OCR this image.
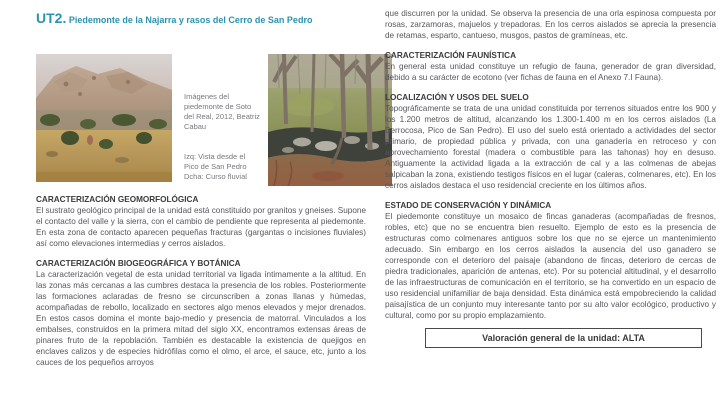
UT2. Piedemonte de la Najarra y rasos del Cerro de San Pedro
Imágenes del piedemonte de Soto del Real, 2012, Beatriz Cabau
Izq: Vista desde el Pico de San Pedro
Dcha: Curso fluvial
CARACTERIZACIÓN GEOMORFOLÓGICA
El sustrato geológico principal de la unidad está constituido por granitos y gneises. Supone el contacto del valle y la sierra, con el cambio de pendiente que representa al piedemonte. En esta zona de contacto aparecen pequeñas fracturas (gargantas o incisiones fluviales) así como elevaciones intermedias y cerros aislados.
CARACTERIZACIÓN BIOGEOGRÁFICA Y BOTÁNICA
La caracterización vegetal de esta unidad territorial va ligada íntimamente a la altitud. En las zonas más cercanas a las cumbres destaca la presencia de los robles. Posteriormente las formaciones aclaradas de fresno se circunscriben a zonas llanas y húmedas, acompañadas de rebollo, localizado en sectores algo menos elevados y mejor drenados. En estos casos domina el monte bajo-medio y presencia de matorral. Vinculados a los embalses, construidos en la primera mitad del siglo XX, encontramos extensas áreas de pinares fruto de la repoblación. También es destacable la existencia de quejigos en enclaves calizos y de especies hidrófilas como el olmo, el arce, el sauce, etc, junto a los cauces de los pequeños arroyos
que discurren por la unidad. Se observa la presencia de una orla espinosa compuesta por rosas, zarzamoras, majuelos y trepadoras. En los cerros aislados se aprecia la presencia de retamas, esparto, cantueso, musgos, pastos de gramíneas, etc.
CARACTERIZACIÓN FAUNÍSTICA
En general esta unidad constituye un refugio de fauna, generador de gran diversidad, debido a su carácter de ecotono (ver fichas de fauna en el Anexo 7.I Fauna).
LOCALIZACIÓN Y USOS DEL SUELO
Topográficamente se trata de una unidad constituida por terrenos situados entre los 900 y los 1.200 metros de altitud, alcanzando los 1.300-1.400 m en los cerros aislados (La Berrocosa, Pico de San Pedro). El uso del suelo está orientado a actividades del sector primario, de propiedad pública y privada, con una ganadería en retroceso y con aprovechamiento forestal (madera o combustible para las tahonas) hoy en desuso. Antiguamente la actividad ligada a la extracción de cal y a las colmenas de abejas salpicaban la zona, existiendo testigos físicos en el lugar (caleras, colmenares, etc). En los cerros aislados destaca el uso residencial creciente en los últimos años.
ESTADO DE CONSERVACIÓN Y DINÁMICA
El piedemonte constituye un mosaico de fincas ganaderas (acompañadas de fresnos, robles, etc) que no se encuentra bien resuelto. Ejemplo de esto es la presencia de estructuras como colmenares antiguos sobre los que no se ejerce un mantenimiento adecuado. Sin embargo en los cerros aislados la ausencia del uso ganadero se corresponde con el deterioro del paisaje (abandono de fincas, deterioro de cercas de piedra tradicionales, aparición de antenas, etc). Por su potencial altitudinal, y el desarrollo de las infraestructuras de comunicación en el territorio, se ha convertido en un espacio de uso residencial unifamiliar de baja densidad. Esta dinámica está empobreciendo la calidad paisajística de un conjunto muy interesante tanto por su alto valor ecológico, productivo y cultural, como por su propio emplazamiento.
Valoración general de la unidad: ALTA
